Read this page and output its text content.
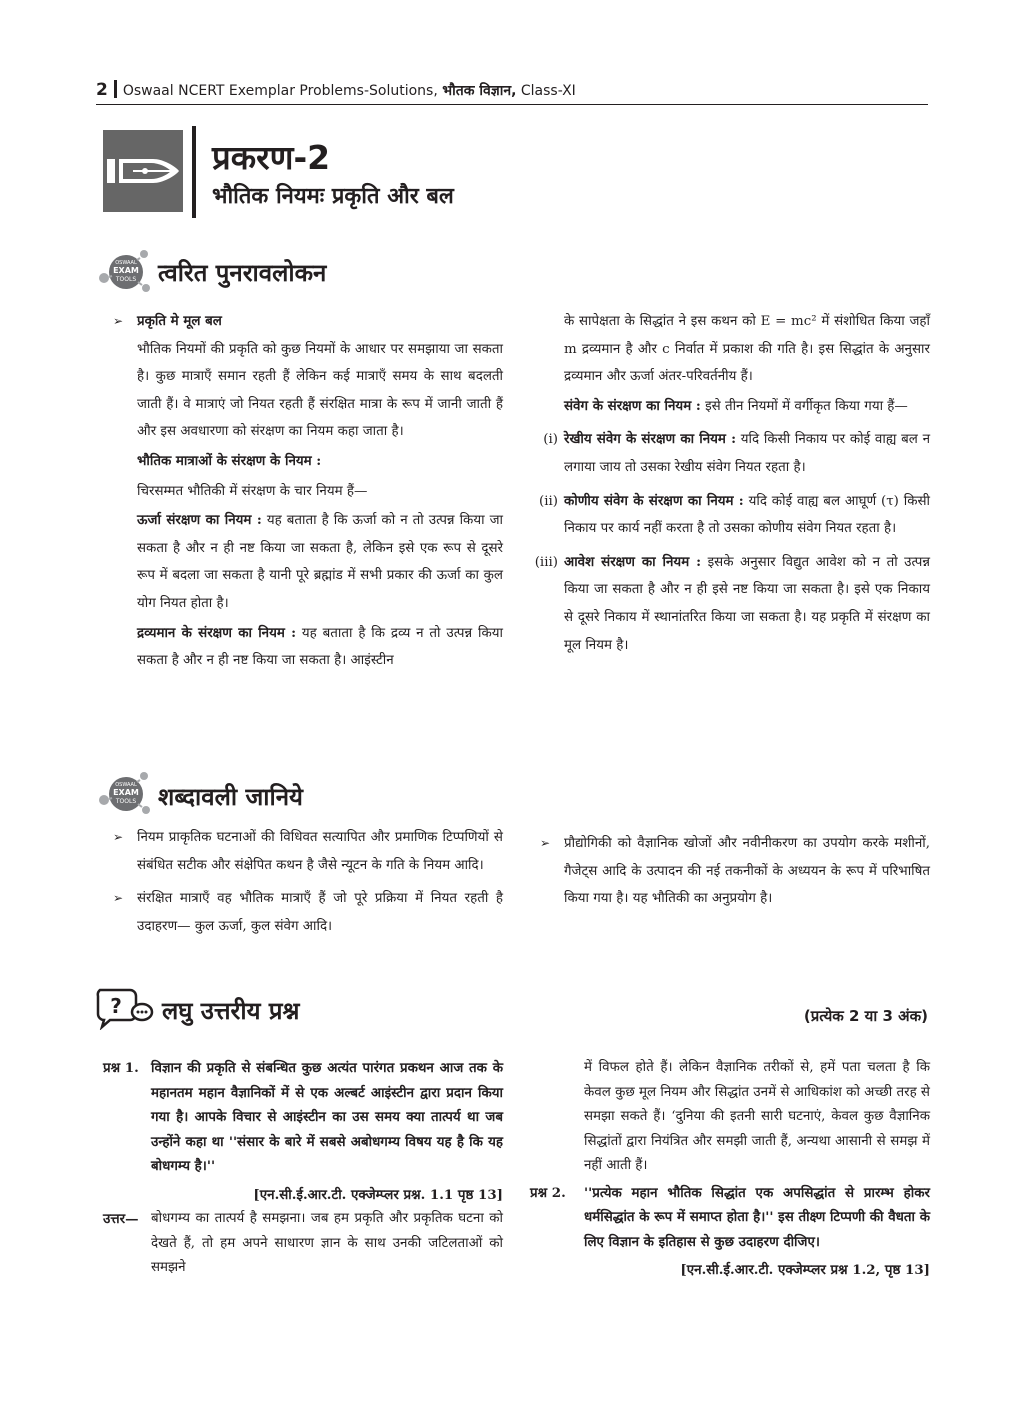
2 Oswaal NCERT Exemplar Problems-Solutions, भौतक विज्ञान, Class-XI
प्रकरण-2
भौतिक नियमः प्रकृति और बल
OSWAAL
EXAM
TOOLS त्वरित पुनरावलोकन

➢ प्रकृति मे मूल बल

भौतिक नियमों की प्रकृति को कुछ नियमों के आधार पर समझाया जा सकता है। कुछ मात्राएँ समान रहती हैं लेकिन कई मात्राएँ समय के साथ बदलती जाती हैं। वे मात्राएं जो नियत रहती हैं संरक्षित मात्रा के रूप में जानी जाती हैं और इस अवधारणा को संरक्षण का नियम कहा जाता है।

भौतिक मात्राओं के संरक्षण के नियम :

चिरसम्मत भौतिकी में संरक्षण के चार नियम हैं—

ऊर्जा संरक्षण का नियम : यह बताता है कि ऊर्जा को न तो उत्पन्न किया जा सकता है और न ही नष्ट किया जा सकता है, लेकिन इसे एक रूप से दूसरे रूप में बदला जा सकता है यानी पूरे ब्रह्मांड में सभी प्रकार की ऊर्जा का कुल योग नियत होता है।

द्रव्यमान के संरक्षण का नियम : यह बताता है कि द्रव्य न तो उत्पन्न किया सकता है और न ही नष्ट किया जा सकता है। आइंस्टीन

के सापेक्षता के सिद्धांत ने इस कथन को E = mc² में संशोधित किया जहाँ m द्रव्यमान है और c निर्वात में प्रकाश की गति है। इस सिद्धांत के अनुसार द्रव्यमान और ऊर्जा अंतर-परिवर्तनीय हैं।

संवेग के संरक्षण का नियम : इसे तीन नियमों में वर्गीकृत किया गया हैं—

(i) रेखीय संवेग के संरक्षण का नियम : यदि किसी निकाय पर कोई वाह्य बल न लगाया जाय तो उसका रेखीय संवेग नियत रहता है।

(ii) कोणीय संवेग के संरक्षण का नियम : यदि कोई वाह्य बल आघूर्ण (τ) किसी निकाय पर कार्य नहीं करता है तो उसका कोणीय संवेग नियत रहता है।

(iii) आवेश संरक्षण का नियम : इसके अनुसार विद्युत आवेश को न तो उत्पन्न किया जा सकता है और न ही इसे नष्ट किया जा सकता है। इसे एक निकाय से दूसरे निकाय में स्थानांतरित किया जा सकता है। यह प्रकृति में संरक्षण का मूल नियम है।

OSWAAL
EXAM
TOOLS शब्दावली जानिये

➢ नियम प्राकृतिक घटनाओं की विधिवत सत्यापित और प्रमाणिक टिप्पणियों से संबंधित सटीक और संक्षेपित कथन है जैसे न्यूटन के गति के नियम आदि।

➢ संरक्षित मात्राएँ वह भौतिक मात्राएँ हैं जो पूरे प्रक्रिया में नियत रहती है उदाहरण— कुल ऊर्जा, कुल संवेग आदि।

➢ प्रौद्योगिकी को वैज्ञानिक खोजों और नवीनीकरण का उपयोग करके मशीनों, गैजेट्स आदि के उत्पादन की नई तकनीकों के अध्ययन के रूप में परिभाषित किया गया है। यह भौतिकी का अनुप्रयोग है।

? लघु उत्तरीय प्रश्न	(प्रत्येक 2 या 3 अंक)

प्रश्न 1. विज्ञान की प्रकृति से संबन्धित कुछ अत्यंत पारंगत प्रकथन आज तक के महानतम महान वैज्ञानिकों में से एक अल्बर्ट आइंस्टीन द्वारा प्रदान किया गया है। आपके विचार से आइंस्टीन का उस समय क्या तात्पर्य था जब उन्होंने कहा था ''संसार के बारे में सबसे अबोधगम्य विषय यह है कि यह बोधगम्य है।''

[एन.सी.ई.आर.टी. एक्जेम्प्लर प्रश्न. 1.1 पृष्ठ 13]

उत्तर— बोधगम्य का तात्पर्य है समझना। जब हम प्रकृति और प्रकृतिक घटना को देखते हैं, तो हम अपने साधारण ज्ञान के साथ उनकी जटिलताओं को समझने

में विफल होते हैं। लेकिन वैज्ञानिक तरीकों से, हमें पता चलता है कि केवल कुछ मूल नियम और सिद्धांत उनमें से आधिकांश को अच्छी तरह से समझा सकते हैं। ‘दुनिया की इतनी सारी घटनाएं, केवल कुछ वैज्ञानिक सिद्धांतों द्वारा नियंत्रित और समझी जाती हैं, अन्यथा आसानी से समझ में नहीं आती हैं।

प्रश्न 2. ''प्रत्येक महान भौतिक सिद्धांत एक अपसिद्धांत से प्रारम्भ होकर धर्मसिद्धांत के रूप में समाप्त होता है।'' इस तीक्ष्ण टिप्पणी की वैधता के लिए विज्ञान के इतिहास से कुछ उदाहरण दीजिए।

[एन.सी.ई.आर.टी. एक्जेम्प्लर प्रश्न 1.2, पृष्ठ 13]
